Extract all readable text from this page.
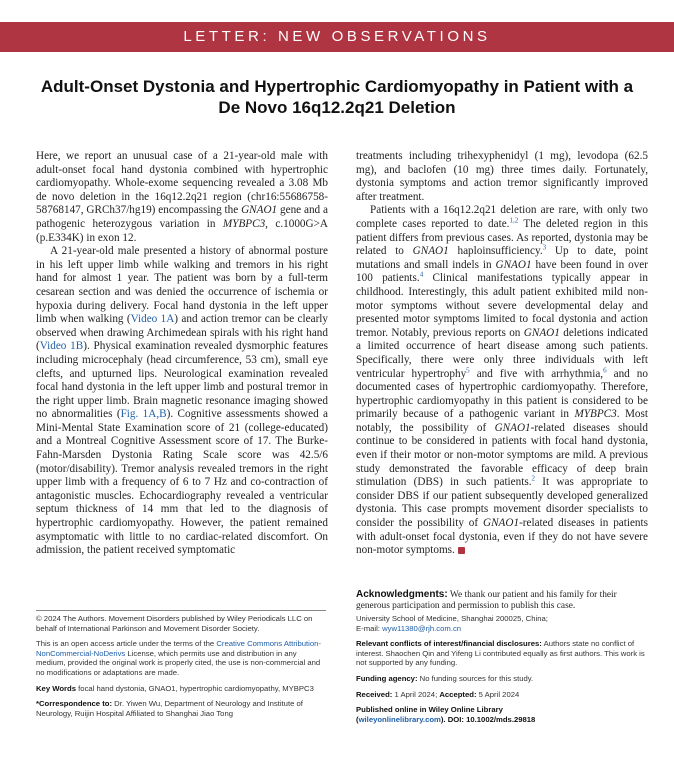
LETTER: NEW OBSERVATIONS
Adult-Onset Dystonia and Hypertrophic Cardiomyopathy in Patient with a De Novo 16q12.2q21 Deletion

Here, we report an unusual case of a 21-year-old male with adult-onset focal hand dystonia combined with hypertrophic cardiomyopathy. Whole-exome sequencing revealed a 3.08 Mb de novo deletion in the 16q12.2q21 region (chr16:55686758-58768147, GRCh37/hg19) encompassing the GNAO1 gene and a pathogenic heterozygous variation in MYBPC3, c.1000G>A (p.E334K) in exon 12.

A 21-year-old male presented a history of abnormal posture in his left upper limb while walking and tremors in his right hand for almost 1 year. The patient was born by a full-term cesarean section and was denied the occurrence of ischemia or hypoxia during delivery. Focal hand dystonia in the left upper limb when walking (Video 1A) and action tremor can be clearly observed when drawing Archimedean spirals with his right hand (Video 1B). Physical examination revealed dysmorphic features including microcephaly (head circumference, 53 cm), small eye clefts, and upturned lips. Neurological examination revealed focal hand dystonia in the left upper limb and postural tremor in the right upper limb. Brain magnetic resonance imaging showed no abnormalities (Fig. 1A,B). Cognitive assessments showed a Mini-Mental State Examination score of 21 (college-educated) and a Montreal Cognitive Assessment score of 17. The Burke-Fahn-Marsden Dystonia Rating Scale score was 42.5/6 (motor/disability). Tremor analysis revealed tremors in the right upper limb with a frequency of 6 to 7 Hz and co-contraction of antagonistic muscles. Echocardiography revealed a ventricular septum thickness of 14 mm that led to the diagnosis of hypertrophic cardiomyopathy. However, the patient remained asymptomatic with little to no cardiac-related discomfort. On admission, the patient received symptomatic

treatments including trihexyphenidyl (1 mg), levodopa (62.5 mg), and baclofen (10 mg) three times daily. Fortunately, dystonia symptoms and action tremor significantly improved after treatment.

Patients with a 16q12.2q21 deletion are rare, with only two complete cases reported to date.$^{1,2}$ The deleted region in this patient differs from previous cases. As reported, dystonia may be related to GNAO1 haploinsufficiency.$^3$ Up to date, point mutations and small indels in GNAO1 have been found in over 100 patients.$^4$ Clinical manifestations typically appear in childhood. Interestingly, this adult patient exhibited mild non-motor symptoms without severe developmental delay and presented motor symptoms limited to focal dystonia and action tremor. Notably, previous reports on GNAO1 deletions indicated a limited occurrence of heart disease among such patients. Specifically, there were only three individuals with left ventricular hypertrophy$^5$ and five with arrhythmia,$^6$ and no documented cases of hypertrophic cardiomyopathy. Therefore, hypertrophic cardiomyopathy in this patient is considered to be primarily because of a pathogenic variant in MYBPC3. Most notably, the possibility of GNAO1-related diseases should continue to be considered in patients with focal hand dystonia, even if their motor or non-motor symptoms are mild. A previous study demonstrated the favorable efficacy of deep brain stimulation (DBS) in such patients.$^2$ It was appropriate to consider DBS if our patient subsequently developed generalized dystonia. This case prompts movement disorder specialists to consider the possibility of GNAO1-related diseases in patients with adult-onset focal dystonia, even if they do not have severe non-motor symptoms.

Acknowledgments: We thank our patient and his family for their generous participation and permission to publish this case.
© 2024 The Authors. Movement Disorders published by Wiley Periodicals LLC on behalf of International Parkinson and Movement Disorder Society.
This is an open access article under the terms of the Creative Commons Attribution-NonCommercial-NoDerivs License, which permits use and distribution in any medium, provided the original work is properly cited, the use is non-commercial and no modifications or adaptations are made.
Key Words focal hand dystonia, GNAO1, hypertrophic cardiomyopathy, MYBPC3
*Correspondence to: Dr. Yiwen Wu, Department of Neurology and Institute of Neurology, Ruijin Hospital Affiliated to Shanghai Jiao Tong
University School of Medicine, Shanghai 200025, China;
E-mail: wyw11380@rjh.com.cn
Relevant conflicts of interest/financial disclosures: Authors state no conflict of interest. Shaochen Qin and Yifeng Li contributed equally as first authors. This work is not supported by any funding.
Funding agency: No funding sources for this study.
Received: 1 April 2024; Accepted: 5 April 2024
Published online in Wiley Online Library
(wileyonlinelibrary.com). DOI: 10.1002/mds.29818
